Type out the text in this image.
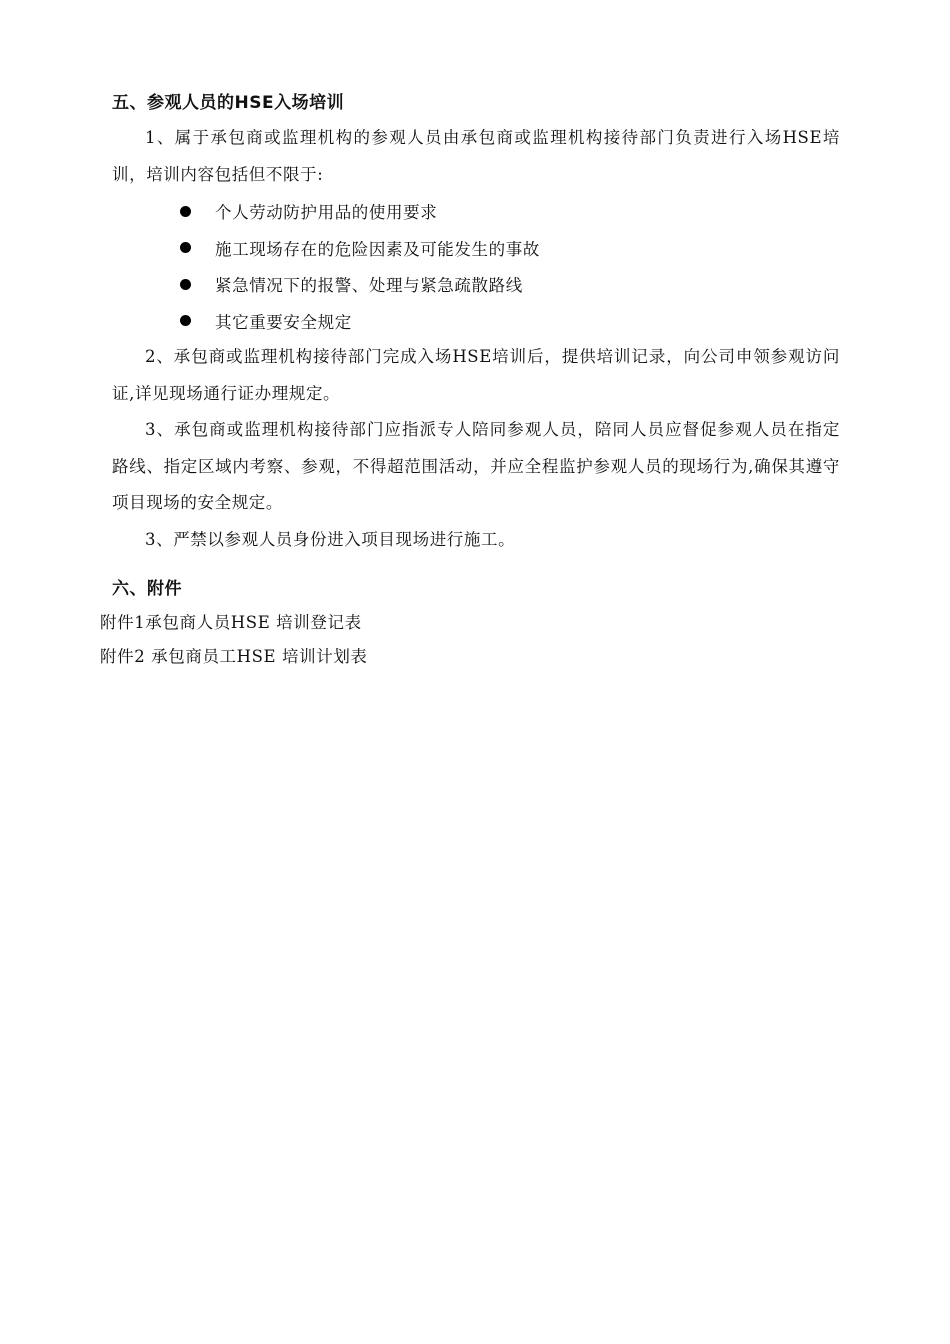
五、参观人员的HSE入场培训

1、属于承包商或监理机构的参观人员由承包商或监理机构接待部门负责进行入场HSE培训，培训内容包括但不限于:

个人劳动防护用品的使用要求
施工现场存在的危险因素及可能发生的事故
紧急情况下的报警、处理与紧急疏散路线
其它重要安全规定

2、承包商或监理机构接待部门完成入场HSE培训后，提供培训记录，向公司申领参观访问证,详见现场通行证办理规定。

3、承包商或监理机构接待部门应指派专人陪同参观人员，陪同人员应督促参观人员在指定路线、指定区域内考察、参观，不得超范围活动，并应全程监护参观人员的现场行为,确保其遵守项目现场的安全规定。

3、严禁以参观人员身份进入项目现场进行施工。

六、附件

附件1承包商人员HSE 培训登记表

附件2 承包商员工HSE 培训计划表
